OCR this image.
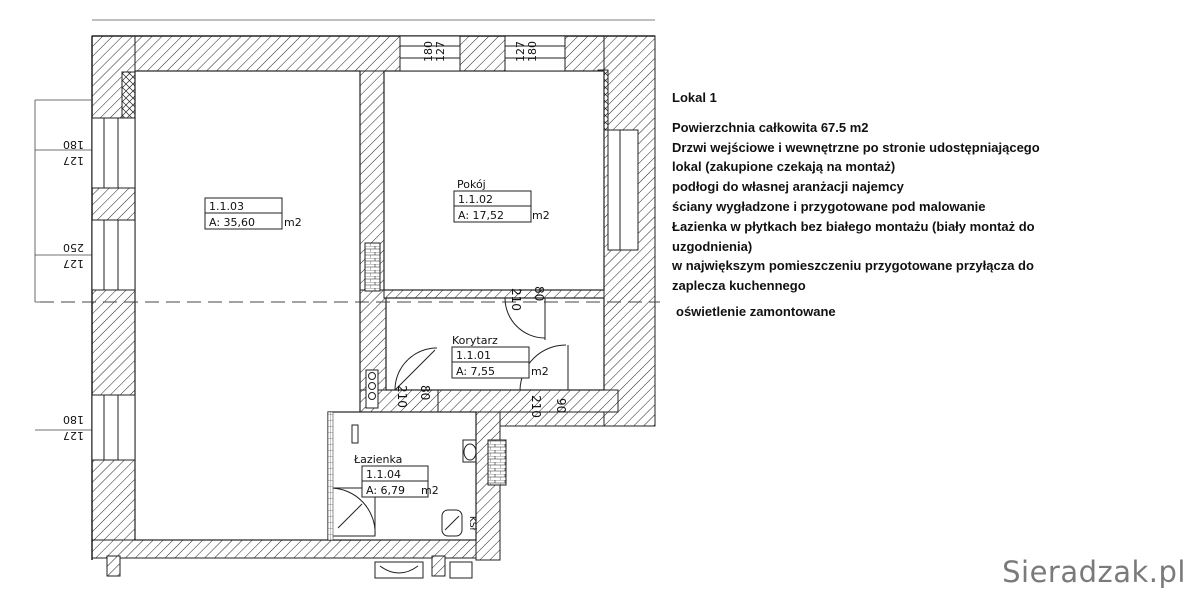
180 127	127 180
180
127
250
127
180
127
80
210
80
210	90
210
KSł
1.1.03
A: 35,60	m2
Pokój
1.1.02
A: 17,52	m2
Korytarz
1.1.01
A: 7,55	m2
Łazienka
1.1.04
A: 6,79 m2
Lokal 1
Powierzchnia całkowita 67.5 m2
Drzwi wejściowe i wewnętrzne po stronie udostępniającego
lokal (zakupione czekają na montaż)
podłogi do własnej aranżacji najemcy
ściany wygładzone i przygotowane pod malowanie
Łazienka w płytkach bez białego montażu (biały montaż do
uzgodnienia)
w największym pomieszczeniu przygotowane przyłącza do
zaplecza kuchennego
oświetlenie zamontowane
Sieradzak.pl
